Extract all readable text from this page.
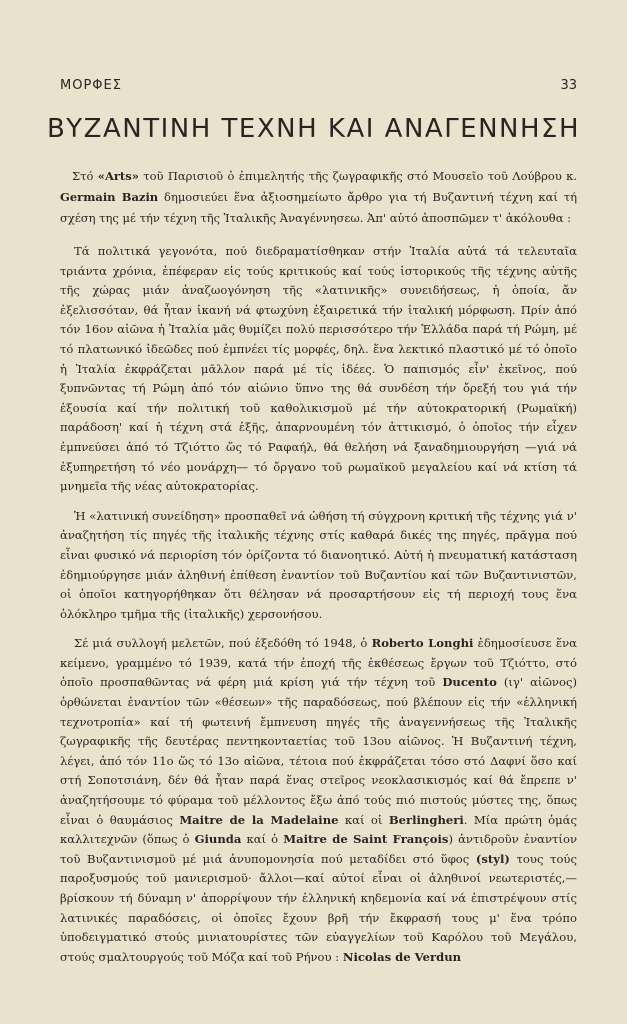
ΜΟΡΦΕΣ	33
ΒΥΖΑΝΤΙΝΗ ΤΕΧΝΗ ΚΑΙ ΑΝΑΓΕΝΝΗΣΗ
Στό «Arts» τοῦ Παρισιοῦ ὁ ἐπιμελητής τῆς ζωγραφικῆς στό Μουσεῖο τοῦ Λούβρου κ. Germain Bazin δημοσιεύει ἕνα ἀξιοσημείωτο ἄρθρο για τή Βυζαντινή τέχνη καί τή σχέση της μέ τήν τέχνη τῆς Ἰταλικῆς Ἀναγέννησεω. Ἀπ' αὐτό ἀποσπῶμεν τ' ἀκόλουθα :

Τά πολιτικά γεγονότα, πού διεδραματίσθηκαν στήν Ἰταλία αὐτά τά τελευταῖα τριάντα χρόνια, ἐπέφεραν εἰς τούς κριτικούς καί τούς ἱστορικούς τῆς τέχνης αὐτῆς τῆς χώρας μιάν ἀναζωογόνηση τῆς «λατινικῆς» συνειδήσεως, ἡ ὁποία, ἄν ἐξελισσόταν, θά ἦταν ἱκανή νά φτωχύνη ἐξαιρετικά τήν ἰταλική μόρφωση. Πρίν ἀπό τόν 16ον αἰῶνα ἡ Ἰταλία μᾶς θυμίζει πολύ περισσότερο τήν Ἑλλάδα παρά τή Ρώμη, μέ τό πλατωνικό ἰδεῶδες πού ἐμπνέει τίς μορφές, δηλ. ἕνα λεκτικό πλαστικό μέ τό ὁποῖο ἡ Ἰταλία ἐκφράζεται μᾶλλον παρά μέ τίς ἰδέες. Ὁ παπισμός εἶν' ἐκεῖνος, πού ξυπνῶντας τή Ρώμη ἀπό τόν αἰώνιο ὕπνο της θά συνδέση τήν ὄρεξή του γιά τήν ἐξουσία καί τήν πολιτική τοῦ καθολικισμοῦ μέ τήν αὐτοκρατορική (Ρωμαϊκή) παράδοση' καί ἡ τέχνη στά ἑξῆς, ἀπαρνουμένη τόν ἀττικισμό, ὁ ὁποῖος τήν εἶχεν ἐμπνεύσει ἀπό τό Τζιόττο ὥς τό Ραφαήλ, θά θελήση νά ξαναδημιουργήση —γιά νά ἐξυπηρετήση τό νέο μονάρχη— τό ὄργανο τοῦ ρωμαϊκοῦ μεγαλείου καί νά κτίση τά μνημεῖα τῆς νέας αὐτοκρατορίας.

Ἡ «λατινική συνείδηση» προσπαθεῖ νά ὠθήση τή σύγχρονη κριτική τῆς τέχνης γιά ν' ἀναζητήση τίς πηγές τῆς ἰταλικῆς τέχνης στίς καθαρά δικές της πηγές, πρᾶγμα πού εἶναι φυσικό νά περιορίση τόν ὁρίζοντα τό διανοητικό. Αὐτή ἡ πνευματική κατάσταση ἐδημιούργησε μιάν ἀληθινή ἐπίθεση ἐναντίον τοῦ Βυζαντίου καί τῶν Βυζαντινιστῶν, οἱ ὁποῖοι κατηγορήθηκαν ὅτι θέλησαν νά προσαρτήσουν εἰς τή περιοχή τους ἕνα ὁλόκληρο τμῆμα τῆς (ἰταλικῆς) χερσονήσου.

Σέ μιά συλλογή μελετῶν, πού ἐξεδόθη τό 1948, ὁ Roberto Longhi ἐδημοσίευσε ἕνα κείμενο, γραμμένο τό 1939, κατά τήν ἐποχή τῆς ἐκθέσεως ἔργων τοῦ Τζιόττο, στό ὁποῖο προσπαθῶντας νά φέρη μιά κρίση γιά τήν τέχνη τοῦ Ducento (ιγ' αἰῶνος) ὀρθώνεται ἐναντίον τῶν «θέσεων» τῆς παραδόσεως, πού βλέπουν εἰς τήν «ἑλληνική τεχνοτροπία» καί τή φωτεινή ἔμπνευση πηγές τῆς ἀναγεννήσεως τῆς Ἰταλικῆς ζωγραφικῆς τῆς δευτέρας πεντηκονταετίας τοῦ 13ου αἰῶνος. Ἡ Βυζαντινή τέχνη, λέγει, ἀπό τόν 11ο ὥς τό 13ο αἰῶνα, τέτοια πού ἐκφράζεται τόσο στό Δαφνί ὅσο καί στή Σοποτσιάνη, δέν θά ἦταν παρά ἕνας στεῖρος νεοκλασικισμός καί θά ἔπρεπε ν' ἀναζητήσουμε τό φύραμα τοῦ μέλλοντος ἔξω ἀπό τούς πιό πιστούς μύστες της, ὅπως εἶναι ὁ θαυμάσιος Maitre de la Madelaine καί οἱ Berlingheri. Μία πρώτη ὁμάς καλλιτεχνῶν (ὅπως ὁ Giunda καί ὁ Maitre de Saint François) ἀντιδροῦν ἐναντίον τοῦ Βυζαντινισμοῦ μέ μιά ἀνυπομονησία πού μεταδίδει στό ὕφος (styl) τους τούς παροξυσμούς τοῦ μανιερισμοῦ· ἄλλοι—καί αὐτοί εἶναι οἱ ἀληθινοί νεωτεριστές,—βρίσκουν τή δύναμη ν' ἀπορρίψουν τήν ἑλληνική κηδεμονία καί νά ἐπιστρέψουν στίς λατινικές παραδόσεις, οἱ ὁποῖες ἔχουν βρῆ τήν ἔκφρασή τους μ' ἕνα τρόπο ὑποδειγματικό στούς μινιατουρίστες τῶν εὐαγγελίων τοῦ Καρόλου τοῦ Μεγάλου, στούς σμαλτουργούς τοῦ Μόζα καί τοῦ Ρήνου : Nicolas de Verdun
